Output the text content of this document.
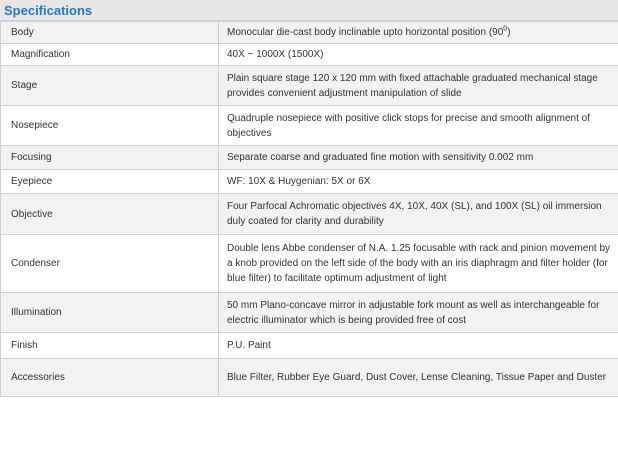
Specifications
Body	Monocular die-cast body inclinable upto horizontal position $(90^0)$
Magnification	40X ~ 1000X (1500X)
Stage	Plain square stage 120 x 120 mm with fixed attachable graduated mechanical stage provides convenient adjustment manipulation of slide
Nosepiece	Quadruple nosepiece with positive click stops for precise and smooth alignment of objectives
Focusing	Separate coarse and graduated fine motion with sensitivity 0.002 mm
Eyepiece	WF: 10X & Huygenian: 5X or 6X
Objective	Four Parfocal Achromatic objectives 4X, 10X, 40X (SL), and 100X (SL) oil immersion duly coated for clarity and durability
Condenser	Double lens Abbe condenser of N.A. 1.25 focusable with rack and pinion movement by a knob provided on the left side of the body with an iris diaphragm and filter holder (for blue filter) to facilitate optimum adjustment of light
Illumination	50 mm Plano-concave mirror in adjustable fork mount as well as interchangeable for electric illuminator which is being provided free of cost
Finish	P.U. Paint
Accessories	Blue Filter, Rubber Eye Guard, Dust Cover, Lense Cleaning, Tissue Paper and Duster
